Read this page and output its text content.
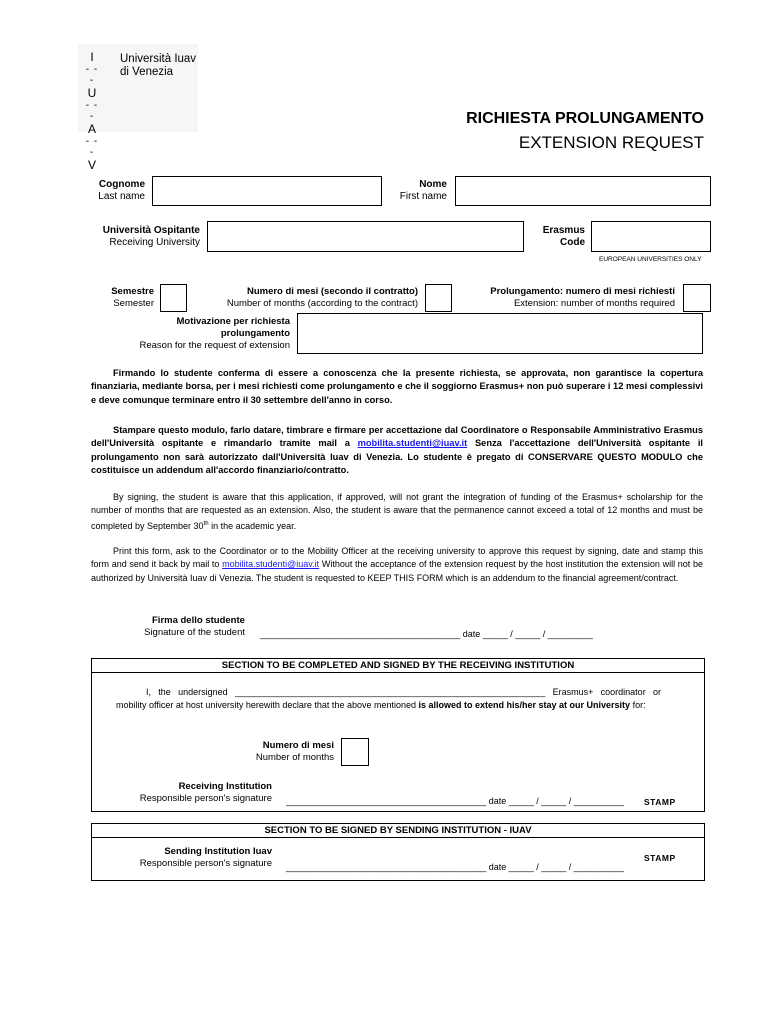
I
- - -
U
- - -
A
- - -
V
Università Iuav
di Venezia
RICHIESTA PROLUNGAMENTO
EXTENSION REQUEST
Cognome
Last name
Nome
First name
Università Ospitante
Receiving University
Erasmus
Code
EUROPEAN UNIVERSITIES ONLY
Semestre
Semester
Numero di mesi (secondo il contratto)
Number of months (according to the contract)
Prolungamento: numero di mesi richiesti
Extension: number of months required
Motivazione per richiesta
prolungamento
Reason for the request of extension

Firmando lo studente conferma di essere a conoscenza che la presente richiesta, se approvata, non garantisce la copertura finanziaria, mediante borsa, per i mesi richiesti come prolungamento e che il soggiorno Erasmus+ non può superare i 12 mesi complessivi e deve comunque terminare entro il 30 settembre dell'anno in corso.

Stampare questo modulo, farlo datare, timbrare e firmare per accettazione dal Coordinatore o Responsabile Amministrativo Erasmus dell'Università ospitante e rimandarlo tramite mail a mobilita.studenti@iuav.it Senza l'accettazione dell'Università ospitante il prolungamento non sarà autorizzato dall'Università Iuav di Venezia. Lo studente è pregato di CONSERVARE QUESTO MODULO che costituisce un addendum all'accordo finanziario/contratto.

By signing, the student is aware that this application, if approved, will not grant the integration of funding of the Erasmus+ scholarship for the number of months that are requested as an extension. Also, the student is aware that the permanence cannot exceed a total of 12 months and must be completed by September 30th in the academic year.

Print this form, ask to the Coordinator or to the Mobility Officer at the receiving university to approve this request by signing, date and stamp this form and send it back by mail to mobilita.studenti@iuav.it Without the acceptance of the extension request by the host institution the extension will not be authorized by Università Iuav di Venezia. The student is requested to KEEP THIS FORM which is an addendum to the financial agreement/contract.

Firma dello studente
Signature of the student ________________________________________ date _____ / _____ / _________
SECTION TO BE COMPLETED AND SIGNED BY THE RECEIVING INSTITUTION

I, the undersigned ______________________________________________________________ Erasmus+ coordinator or mobility officer at host university herewith declare that the above mentioned is allowed to extend his/her stay at our University for:

Numero di mesi
Number of months
Receiving Institution
Responsible person's signature ________________________________________ date _____ / _____ / __________ STAMP
SECTION TO BE SIGNED BY SENDING INSTITUTION - IUAV
Sending Institution Iuav
Responsible person's signature ________________________________________ date _____ / _____ / __________
STAMP
